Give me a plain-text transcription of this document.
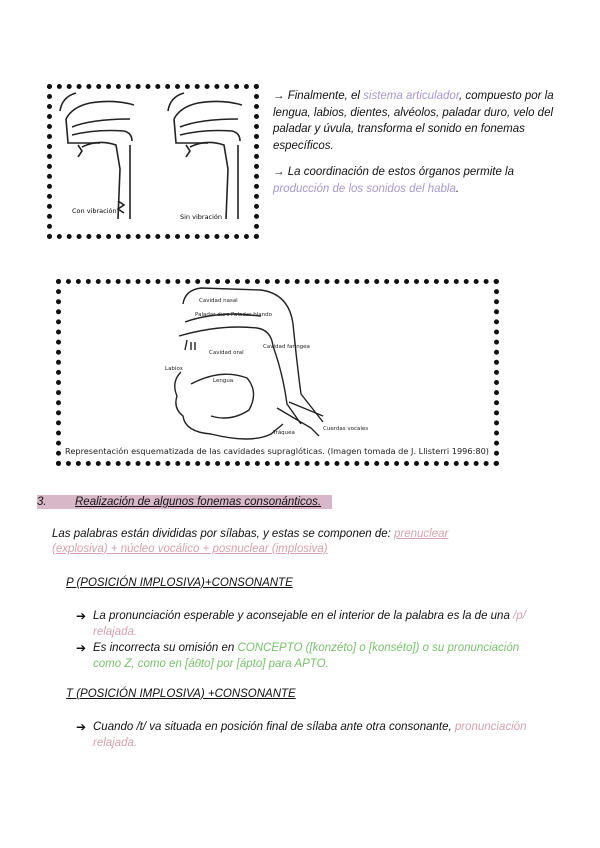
Con vibración
Sin vibración

→ Finalmente, el sistema articulador, compuesto por la lengua, labios, dientes, alvéolos, paladar duro, velo del paladar y úvula, transforma el sonido en fonemas específicos.

→ La coordinación de estos órganos permite la producción de los sonidos del habla.

Cavidad nasal
Paladar duro Paladar blando
Cavidad oral
Cavidad faríngea
Labios
Lengua
Tráquea
Cuerdas vocales
Representación esquematizada de las cavidades supraglóticas. (Imagen tomada de J. Llisterri 1996:80)
3. Realización de algunos fonemas consonánticos.
Las palabras están divididas por sílabas, y estas se componen de: prenuclear (explosiva) + núcleo vocálico + posnuclear (implosiva)
P (POSICIÓN IMPLOSIVA)+CONSONANTE
➔ La pronunciación esperable y aconsejable en el interior de la palabra es la de una /p/ relajada.
➔ Es incorrecta su omisión en CONCEPTO ([konzéto] o [konséto]) o su pronunciación como Z, como en [áθto] por [ápto] para APTO.
T (POSICIÓN IMPLOSIVA) +CONSONANTE
➔ Cuando /t/ va situada en posición final de sílaba ante otra consonante, pronunciación relajada.
